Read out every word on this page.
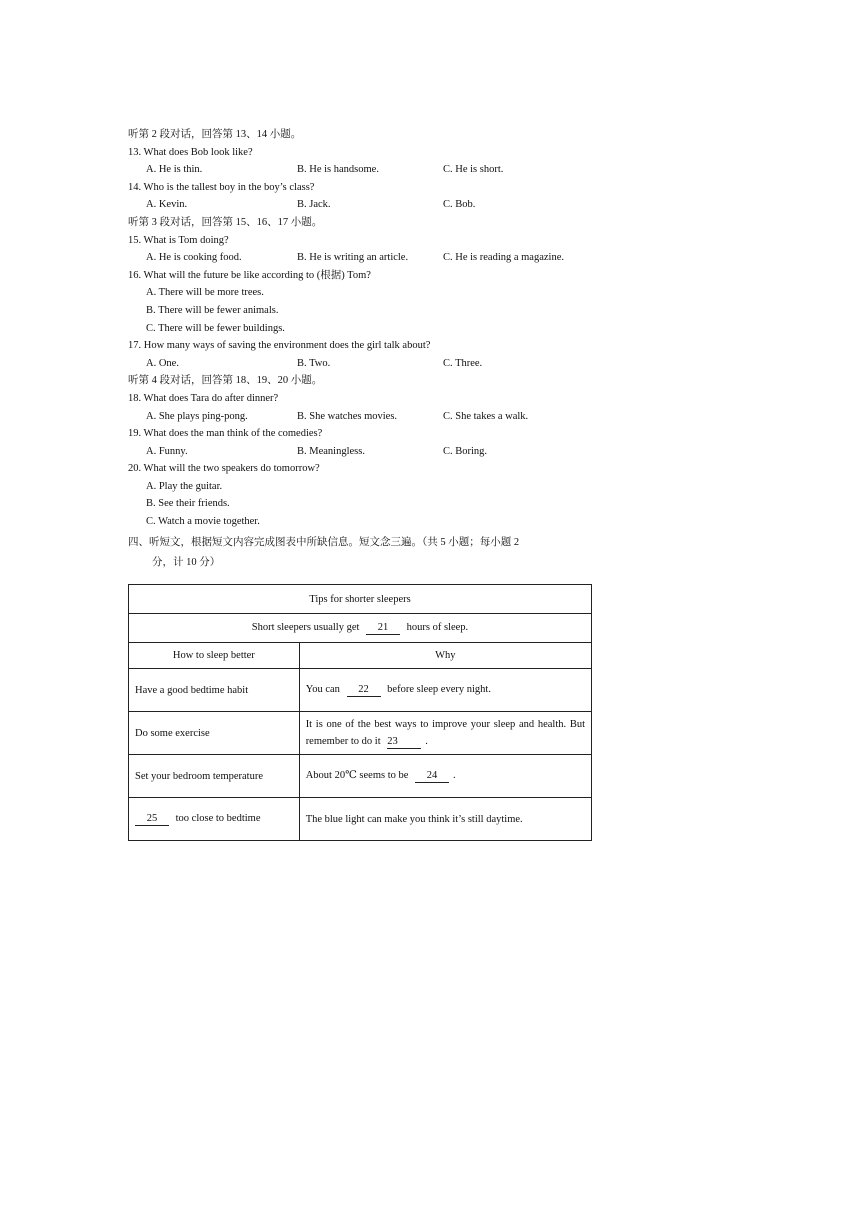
听第 2 段对话，回答第 13、14 小题。
13. What does Bob look like?
A. He is thin.	B. He is handsome.	C. He is short.
14. Who is the tallest boy in the boy’s class?
A. Kevin.	B. Jack.	C. Bob.
听第 3 段对话，回答第 15、16、17 小题。
15. What is Tom doing?
A. He is cooking food.	B. He is writing an article.	C. He is reading a magazine.
16. What will the future be like according to (根据) Tom?
A. There will be more trees.
B. There will be fewer animals.
C. There will be fewer buildings.
17. How many ways of saving the environment does the girl talk about?
A. One.	B. Two.	C. Three.
听第 4 段对话，回答第 18、19、20 小题。
18. What does Tara do after dinner?
A. She plays ping-pong.	B. She watches movies.	C. She takes a walk.
19. What does the man think of the comedies?
A. Funny.	B. Meaningless.	C. Boring.
20. What will the two speakers do tomorrow?
A. Play the guitar.
B. See their friends.
C. Watch a movie together.
四、听短文，根据短文内容完成图表中所缺信息。短文念三遍。（共 5 小题；每小题 2
分，计 10 分）
Tips for shorter sleepers	
Short sleepers usually get 21 hours of sleep.	
How to sleep better	Why
Have a good bedtime habit	You can 22 before sleep every night.
Do some exercise	It is one of the best ways to improve your sleep and health. But remember to do it 23 .
Set your bedroom temperature	About 20℃ seems to be 24 .
25 too close to bedtime	The blue light can make you think it’s still daytime.
